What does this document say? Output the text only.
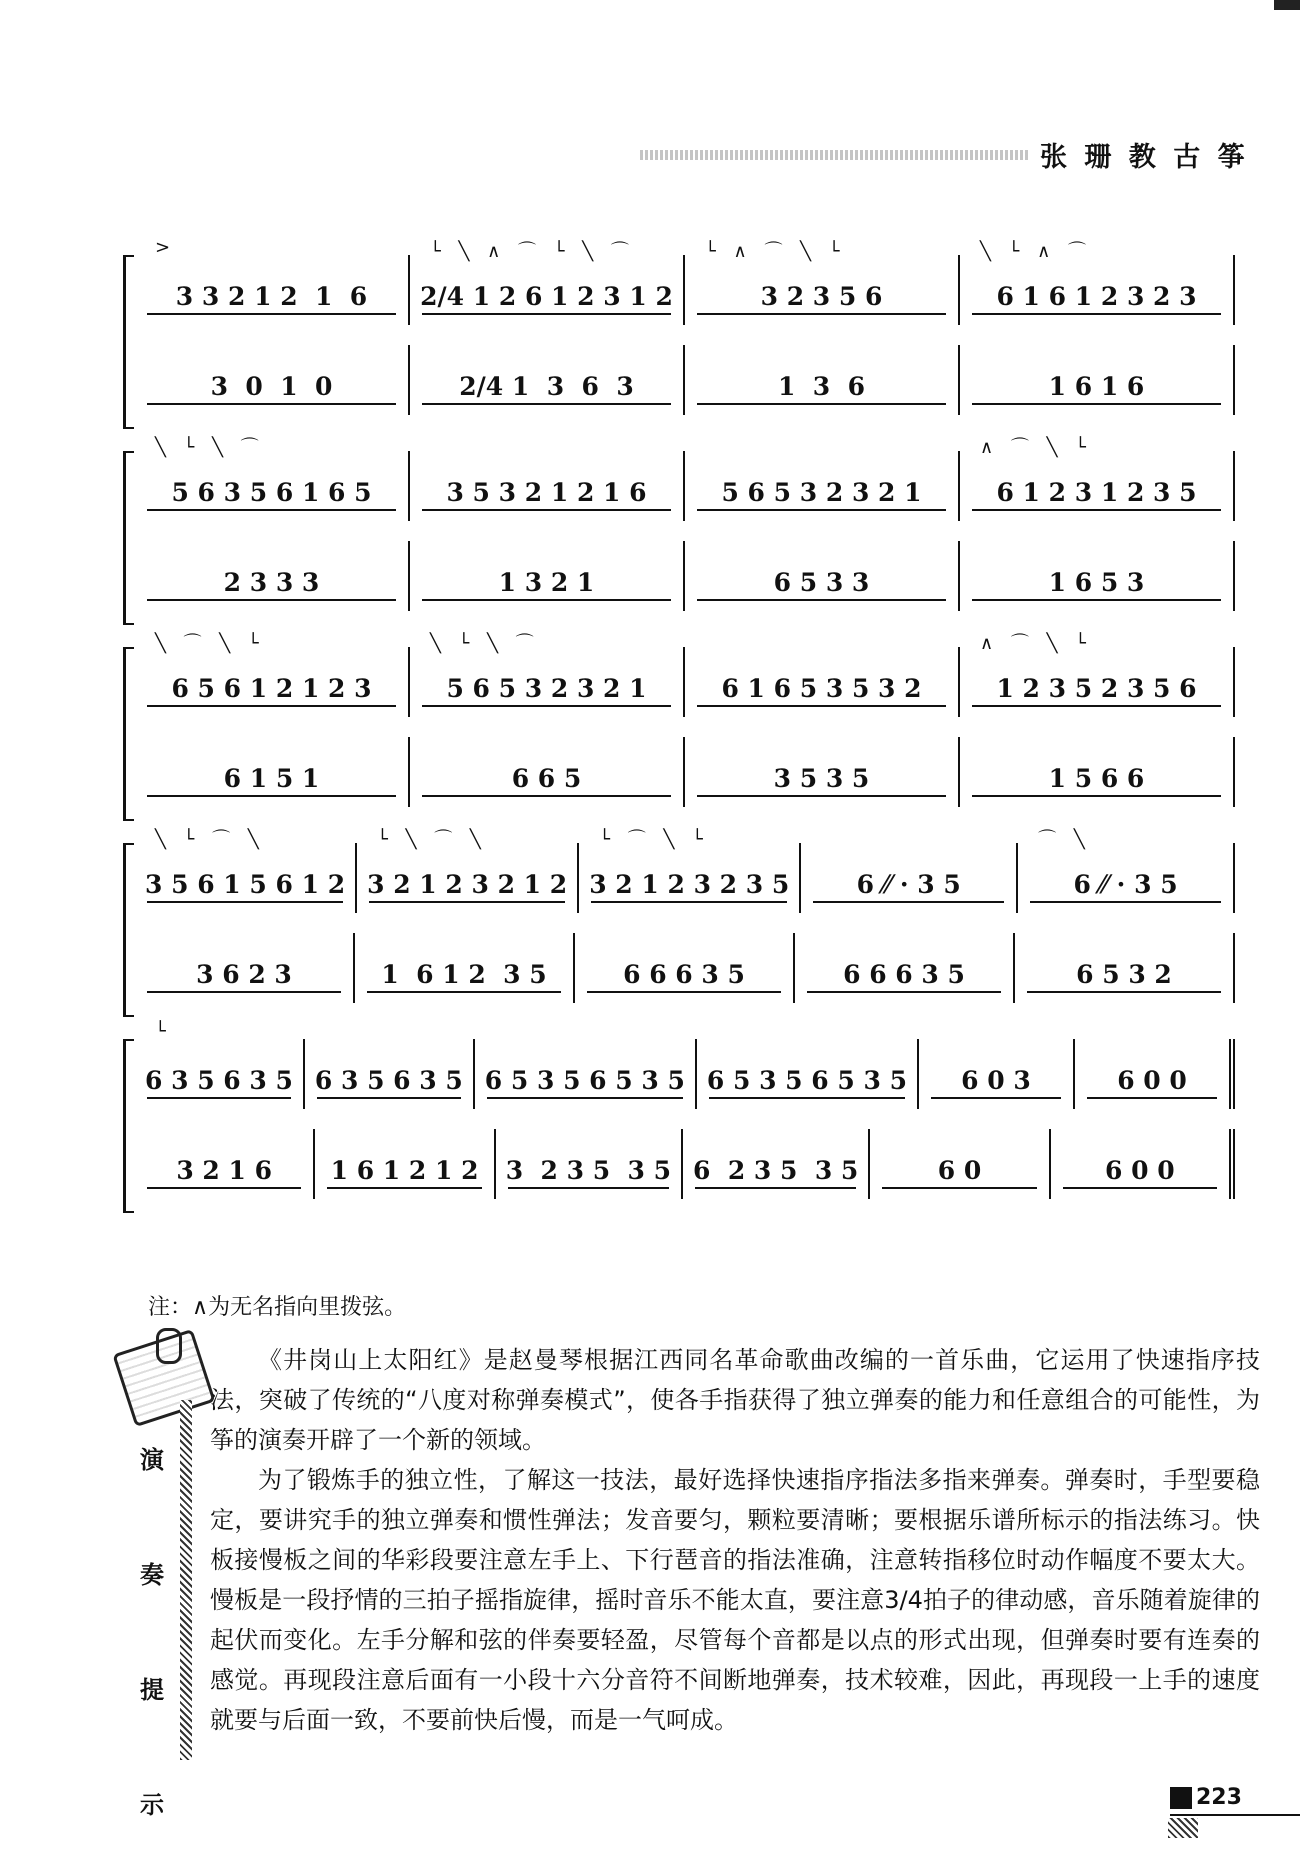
张 珊 教 古 筝
3 3 2 1 2  1  6
>
2/4 1 2 6 1 2 3 1 2
└ ╲ ∧ ⌒ └ ╲ ⌒
3 2 3 5 6
└ ∧ ⌒ ╲ └
6 1 6 1 2 3 2 3
╲ └ ∧ ⌒
3  0  1  0	2/4 1  3  6  3	1  3  6	1 6 1 6
5 6 3 5 6 1 6 5
╲ └ ╲ ⌒
3 5 3 2 1 2 1 6	5 6 5 3 2 3 2 1	6 1 2 3 1 2 3 5
∧ ⌒ ╲ └
2 3 3 3	1 3 2 1	6 5 3 3	1 6 5 3
6 5 6 1 2 1 2 3
╲ ⌒ ╲ └
5 6 5 3 2 3 2 1
╲ └ ╲ ⌒
6 1 6 5 3 5 3 2	1 2 3 5 2 3 5 6
∧ ⌒ ╲ └
6 1 5 1	6 6 5	3 5 3 5	1 5 6 6
3 5 6 1 5 6 1 2
╲ └ ⌒ ╲
3 2 1 2 3 2 1 2
└ ╲ ⌒ ╲
3 2 1 2 3 2 3 5
└ ⌒ ╲ └
6 ⁄⁄ · 3 5	6 ⁄⁄ · 3 5
⌒ ╲
3 6 2 3	1  6 1 2  3 5	6 6 6 3 5	6 6 6 3 5	6 5 3 2
6 3 5 6 3 5
└
6 3 5 6 3 5 6 5 3 5 6 5 3 5 6 5 3 5 6 5 3 5 6 0 3	6 0 0
3 2 1 6 1 6 1 2 1 2 3  2 3 5  3 5 6  2 3 5  3 5	6 0	6 0 0
注：∧为无名指向里拨弦。
演
奏
提
示

《井岗山上太阳红》是赵曼琴根据江西同名革命歌曲改编的一首乐曲，它运用了快速指序技法，突破了传统的“八度对称弹奏模式”，使各手指获得了独立弹奏的能力和任意组合的可能性，为筝的演奏开辟了一个新的领域。

为了锻炼手的独立性，了解这一技法，最好选择快速指序指法多指来弹奏。弹奏时，手型要稳定，要讲究手的独立弹奏和惯性弹法；发音要匀，颗粒要清晰；要根据乐谱所标示的指法练习。快板接慢板之间的华彩段要注意左手上、下行琶音的指法准确，注意转指移位时动作幅度不要太大。慢板是一段抒情的三拍子摇指旋律，摇时音乐不能太直，要注意3/4拍子的律动感，音乐随着旋律的起伏而变化。左手分解和弦的伴奏要轻盈，尽管每个音都是以点的形式出现，但弹奏时要有连奏的感觉。再现段注意后面有一小段十六分音符不间断地弹奏，技术较难，因此，再现段一上手的速度就要与后面一致，不要前快后慢，而是一气呵成。

223
